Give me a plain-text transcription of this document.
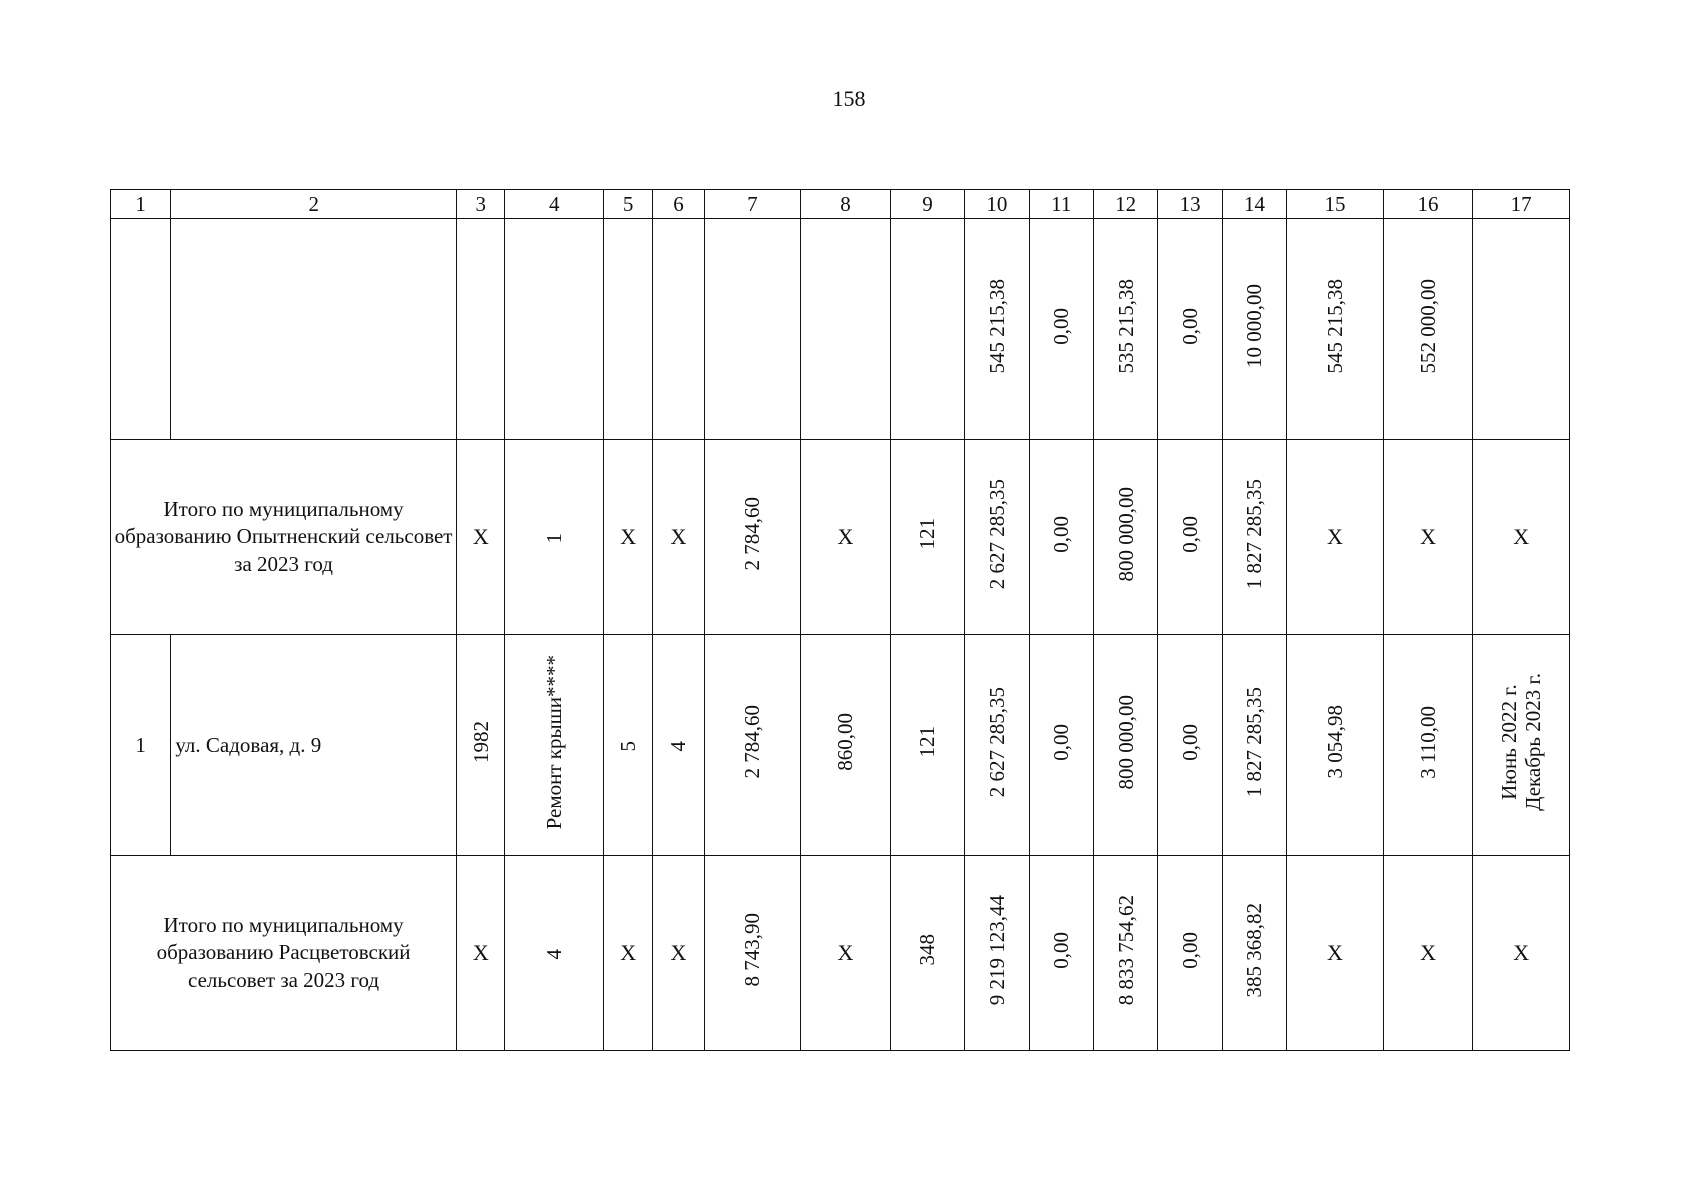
158
1	2	3	4	5	6	7	8	9	10	11	12	13	14	15	16	17
									545 215,38	0,00	535 215,38	0,00	10 000,00	545 215,38	552 000,00	
Итого по муниципальному образованию Опытненский сельсовет за 2023 год		Х	1	Х	Х	2 784,60	Х	121	2 627 285,35	0,00	800 000,00	0,00	1 827 285,35	Х	Х	Х
1	ул. Садовая, д. 9	1982	Ремонт крыши****	5	4	2 784,60	860,00	121	2 627 285,35	0,00	800 000,00	0,00	1 827 285,35	3 054,98	3 110,00	Июнь 2022 г.
Декабрь 2023 г.
Итого по муниципальному образованию Расцветовский сельсовет за 2023 год		Х	4	Х	Х	8 743,90	Х	348	9 219 123,44	0,00	8 833 754,62	0,00	385 368,82	Х	Х	Х
